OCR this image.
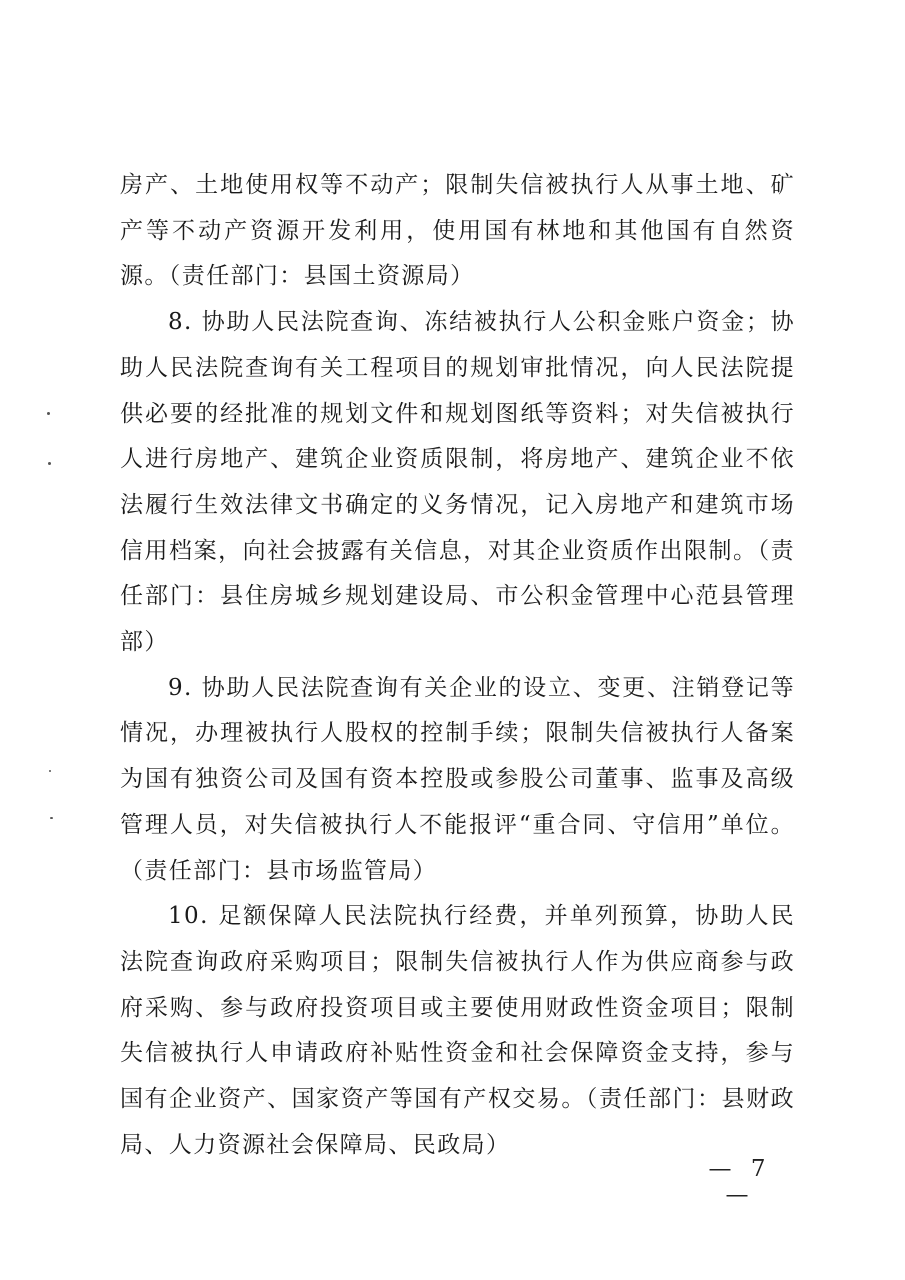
房产、土地使用权等不动产；限制失信被执行人从事土地、矿产等不动产资源开发利用，使用国有林地和其他国有自然资源。（责任部门：县国土资源局）

8. 协助人民法院查询、冻结被执行人公积金账户资金；协助人民法院查询有关工程项目的规划审批情况，向人民法院提供必要的经批准的规划文件和规划图纸等资料；对失信被执行人进行房地产、建筑企业资质限制，将房地产、建筑企业不依法履行生效法律文书确定的义务情况，记入房地产和建筑市场信用档案，向社会披露有关信息，对其企业资质作出限制。（责任部门：县住房城乡规划建设局、市公积金管理中心范县管理部）

9. 协助人民法院查询有关企业的设立、变更、注销登记等情况，办理被执行人股权的控制手续；限制失信被执行人备案为国有独资公司及国有资本控股或参股公司董事、监事及高级管理人员，对失信被执行人不能报评“重合同、守信用”单位。（责任部门：县市场监管局）

10. 足额保障人民法院执行经费，并单列预算，协助人民法院查询政府采购项目；限制失信被执行人作为供应商参与政府采购、参与政府投资项目或主要使用财政性资金项目；限制失信被执行人申请政府补贴性资金和社会保障资金支持，参与国有企业资产、国家资产等国有产权交易。（责任部门：县财政局、人力资源社会保障局、民政局）

— 7 —
